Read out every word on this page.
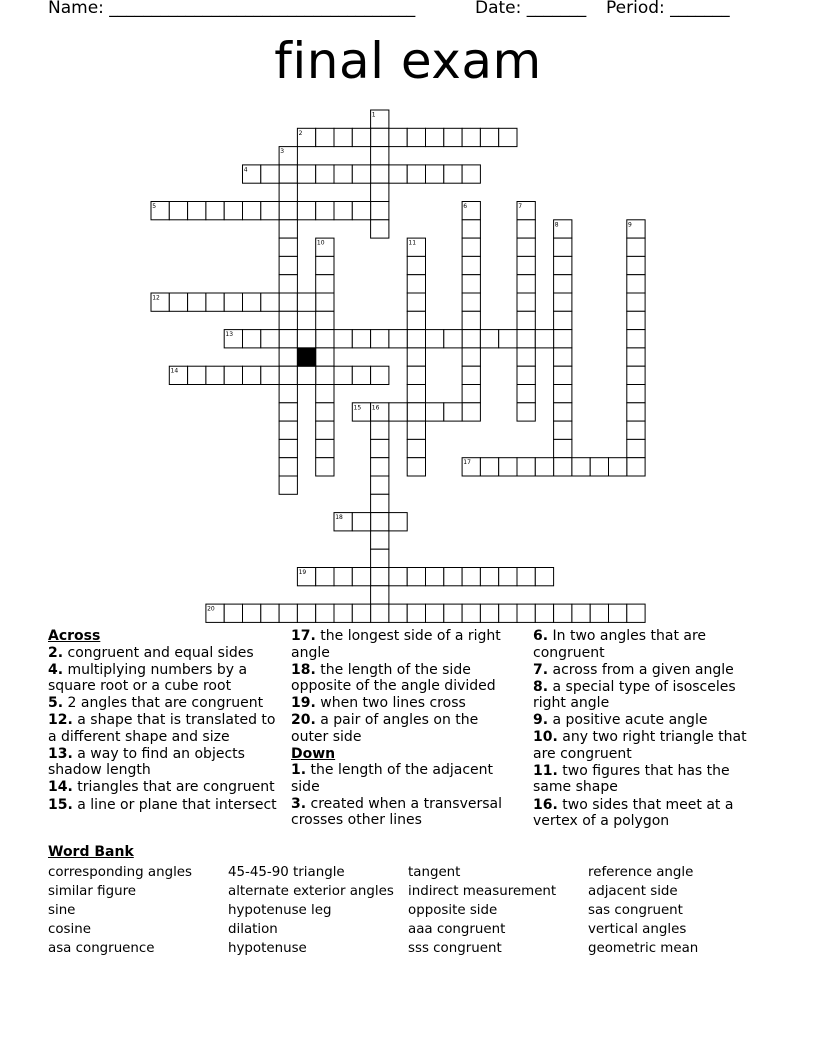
Name: ____________________________________	Date: _______ Period: _______
final exam
1
2
3
4
5	6	7
8	9
10	11
12
13
14
15 16
17
18
19
20
Across
2. congruent and equal sides
4. multiplying numbers by a square root or a cube root
5. 2 angles that are congruent
12. a shape that is translated to a different shape and size
13. a way to find an objects shadow length
14. triangles that are congruent
15. a line or plane that intersect
17. the longest side of a right angle
18. the length of the side opposite of the angle divided
19. when two lines cross
20. a pair of angles on the outer side
Down
1. the length of the adjacent side
3. created when a transversal crosses other lines
6. In two angles that are congruent
7. across from a given angle
8. a special type of isosceles right angle
9. a positive acute angle
10. any two right triangle that are congruent
11. two figures that has the same shape
16. two sides that meet at a vertex of a polygon
Word Bank
corresponding angles
similar figure
sine
cosine
asa congruence
45-45-90 triangle
alternate exterior angles
hypotenuse leg
dilation
hypotenuse
tangent
indirect measurement
opposite side
aaa congruent
sss congruent
reference angle
adjacent side
sas congruent
vertical angles
geometric mean
